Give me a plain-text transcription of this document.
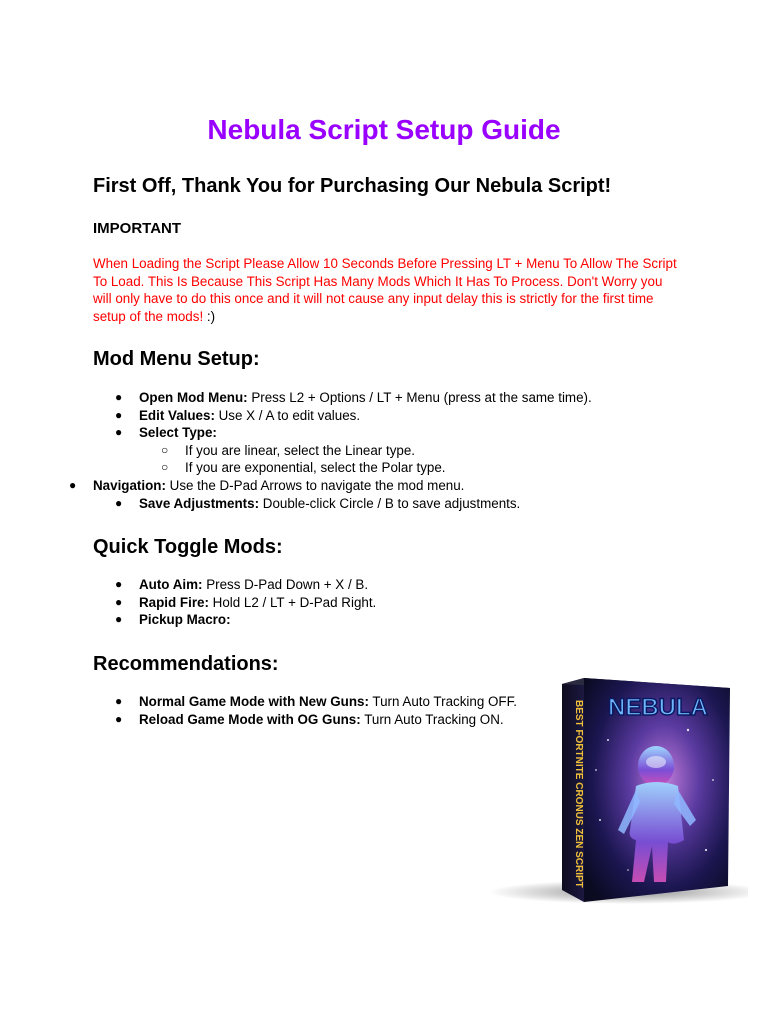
Nebula Script Setup Guide
First Off, Thank You for Purchasing Our Nebula Script!

IMPORTANT

When Loading the Script Please Allow 10 Seconds Before Pressing LT + Menu To Allow The Script To Load. This Is Because This Script Has Many Mods Which It Has To Process. Don't Worry you will only have to do this once and it will not cause any input delay this is strictly for the first time setup of the mods! :)

Mod Menu Setup:
● Open Mod Menu: Press L2 + Options / LT + Menu (press at the same time).
● Edit Values: Use X / A to edit values.
● Select Type:
○ If you are linear, select the Linear type.
○ If you are exponential, select the Polar type.
● Navigation: Use the D-Pad Arrows to navigate the mod menu.

● Save Adjustments: Double-click Circle / B to save adjustments.
Quick Toggle Mods:
● Auto Aim: Press D-Pad Down + X / B.
● Rapid Fire: Hold L2 / LT + D-Pad Right.
● Pickup Macro:
Recommendations:
● Normal Game Mode with New Guns: Turn Auto Tracking OFF.
● Reload Game Mode with OG Guns: Turn Auto Tracking ON.	NEBULA
BEST FORTNITE CRONUS ZEN SCRIPT
